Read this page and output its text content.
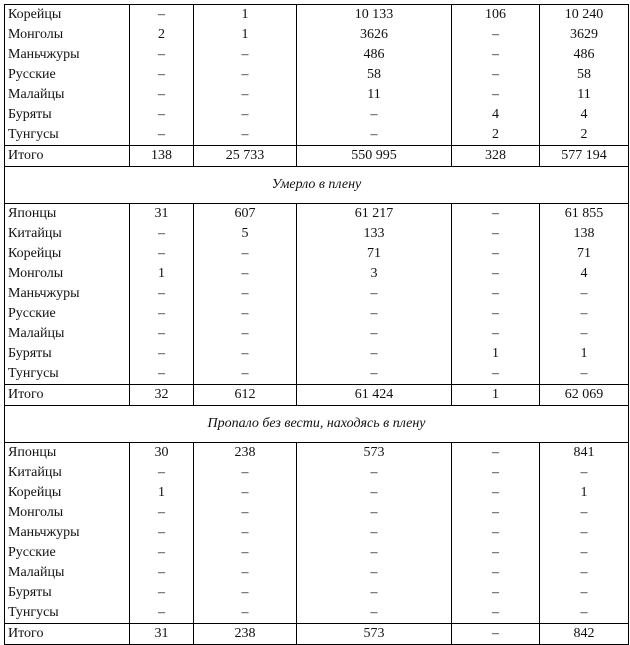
Корейцы	–	1	10 133	106	10 240
Монголы	2	1	3626	–	3629
Маньчжуры	–	–	486	–	486
Русские	–	–	58	–	58
Малайцы	–	–	11	–	11
Буряты	–	–	–	4	4
Тунгусы	–	–	–	2	2
Итого	138	25 733	550 995	328	577 194
Умерло в плену					
Японцы	31	607	61 217	–	61 855
Китайцы	–	5	133	–	138
Корейцы	–	–	71	–	71
Монголы	1	–	3	–	4
Маньчжуры	–	–	–	–	–
Русские	–	–	–	–	–
Малайцы	–	–	–	–	–
Буряты	–	–	–	1	1
Тунгусы	–	–	–	–	–
Итого	32	612	61 424	1	62 069
Пропало без вести, находясь в плену					
Японцы	30	238	573	–	841
Китайцы	–	–	–	–	–
Корейцы	1	–	–	–	1
Монголы	–	–	–	–	–
Маньчжуры	–	–	–	–	–
Русские	–	–	–	–	–
Малайцы	–	–	–	–	–
Буряты	–	–	–	–	–
Тунгусы	–	–	–	–	–
Итого	31	238	573	–	842
